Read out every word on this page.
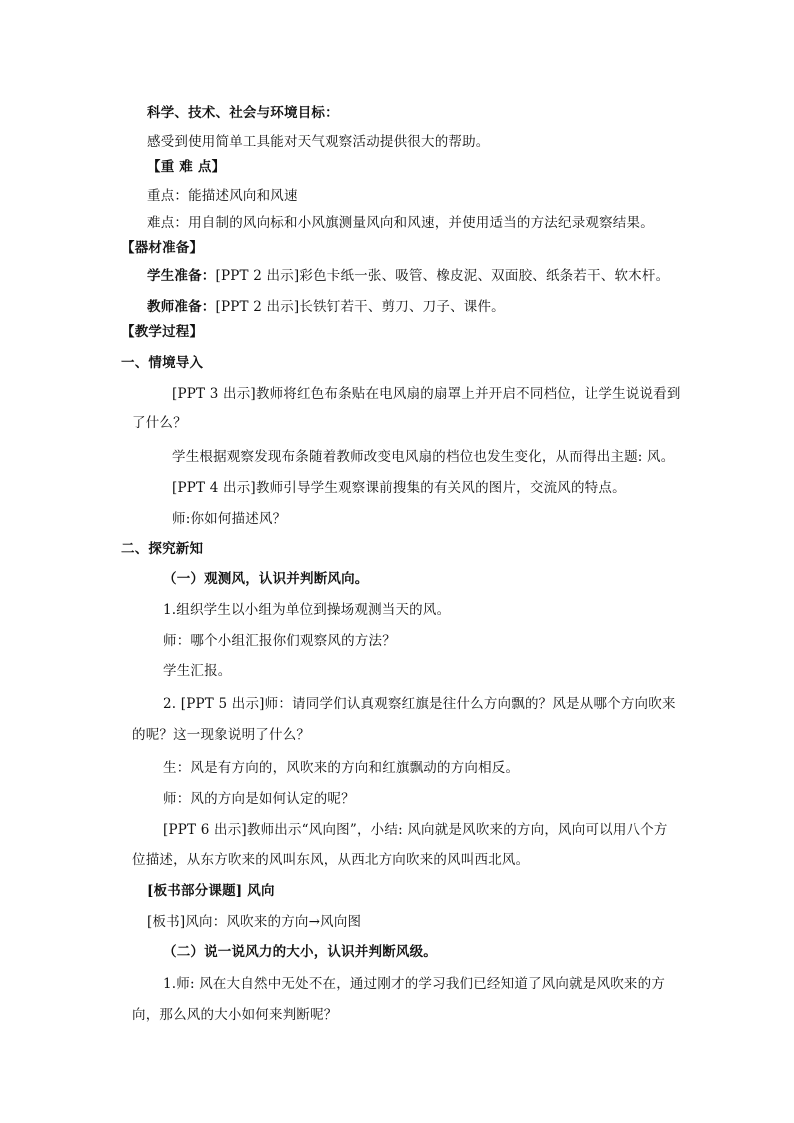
科学、技术、社会与环境目标：
感受到使用简单工具能对天气观察活动提供很大的帮助。
【重 难 点】
重点：能描述风向和风速
难点：用自制的风向标和小风旗测量风向和风速，并使用适当的方法纪录观察结果。
【器材准备】
学生准备：[PPT 2 出示]彩色卡纸一张、吸管、橡皮泥、双面胶、纸条若干、软木杆。
教师准备：[PPT 2 出示]长铁钉若干、剪刀、刀子、课件。
【教学过程】
一、情境导入
[PPT 3 出示]教师将红色布条贴在电风扇的扇罩上并开启不同档位，让学生说说看到
了什么？
学生根据观察发现布条随着教师改变电风扇的档位也发生变化，从而得出主题: 风。
[PPT 4 出示]教师引导学生观察课前搜集的有关风的图片，交流风的特点。
师:你如何描述风？
二、探究新知
（一）观测风，认识并判断风向。
1.组织学生以小组为单位到操场观测当天的风。
师：哪个小组汇报你们观察风的方法？
学生汇报。
2. [PPT 5 出示]师：请同学们认真观察红旗是往什么方向飘的？风是从哪个方向吹来
的呢？这一现象说明了什么？
生：风是有方向的，风吹来的方向和红旗飘动的方向相反。
师：风的方向是如何认定的呢？
[PPT 6 出示]教师出示“风向图”，小结: 风向就是风吹来的方向，风向可以用八个方
位描述，从东方吹来的风叫东风，从西北方向吹来的风叫西北风。
[板书部分课题] 风向
[板书]风向：风吹来的方向→风向图
（二）说一说风力的大小，认识并判断风级。
1.师: 风在大自然中无处不在，通过刚才的学习我们已经知道了风向就是风吹来的方
向，那么风的大小如何来判断呢？
